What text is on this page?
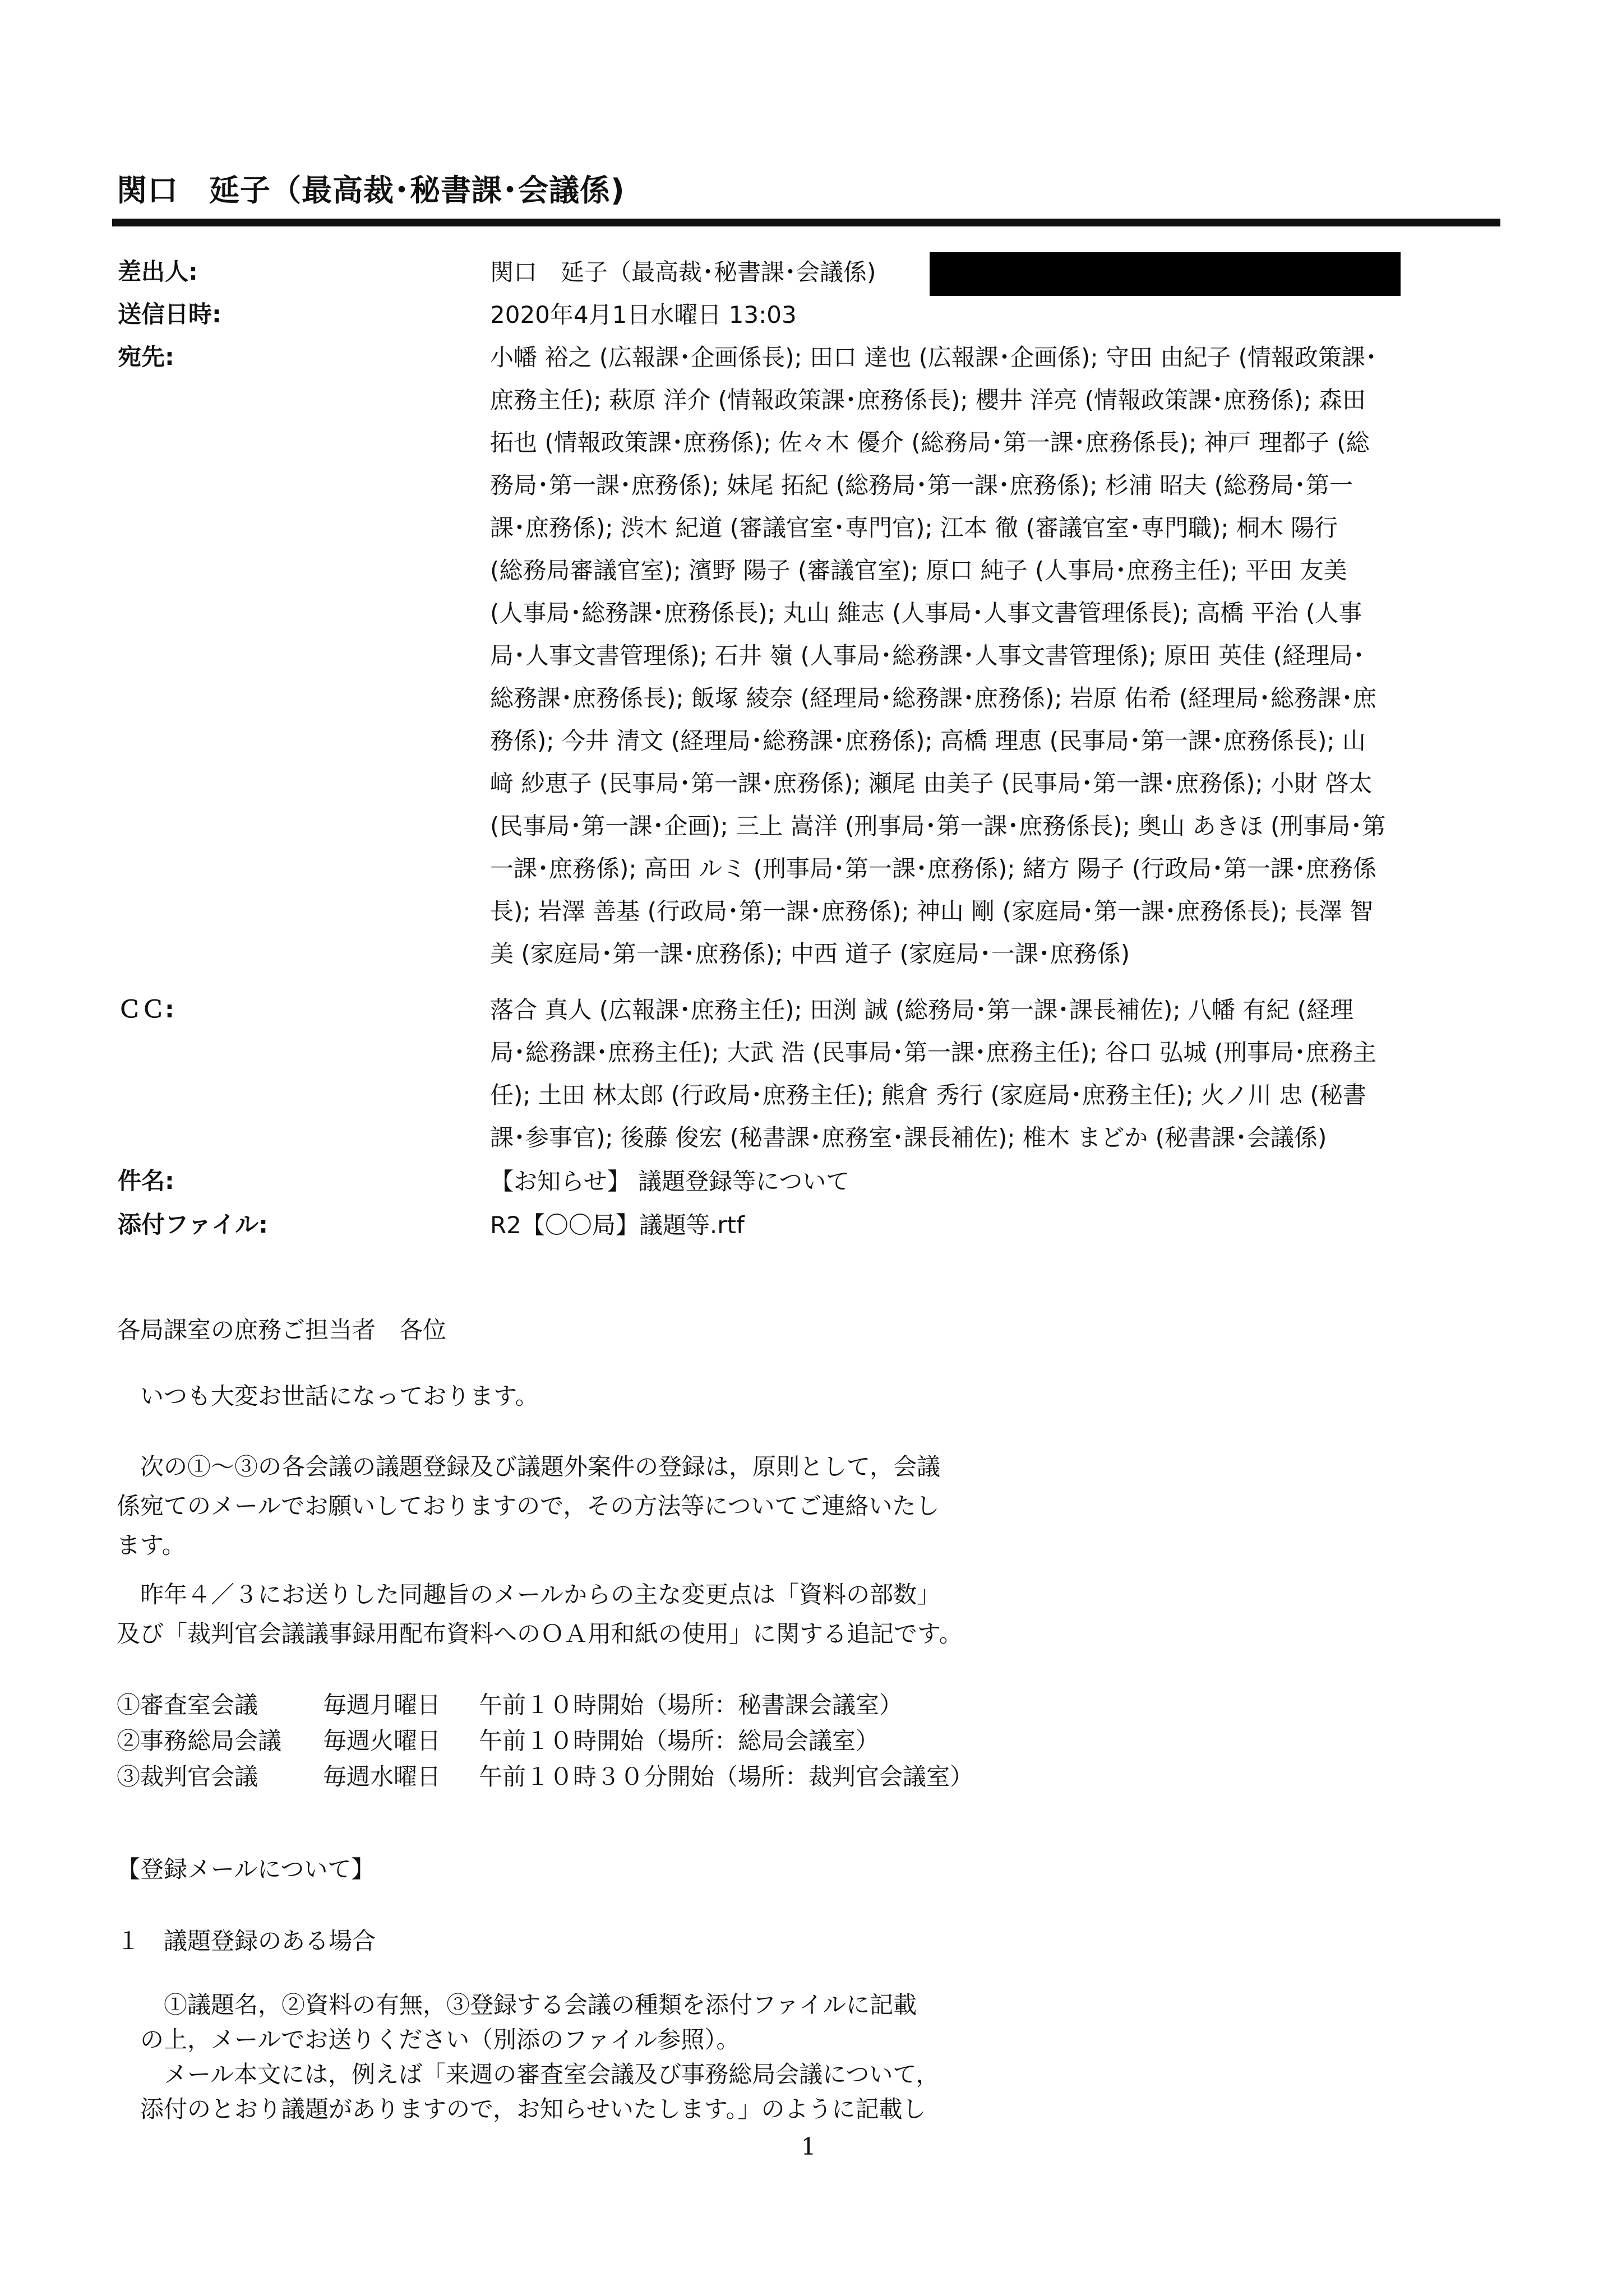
関口　延子（最高裁･秘書課･会議係)

差出人:	関口　延子（最高裁･秘書課･会議係)

送信日時:	2020年4月1日水曜日 13:03

宛先:	小幡 裕之 (広報課･企画係長); 田口 達也 (広報課･企画係); 守田 由紀子 (情報政策課･
庶務主任); 萩原 洋介 (情報政策課･庶務係長); 櫻井 洋亮 (情報政策課･庶務係); 森田
拓也 (情報政策課･庶務係); 佐々木 優介 (総務局･第一課･庶務係長); 神戸 理都子 (総
務局･第一課･庶務係); 妹尾 拓紀 (総務局･第一課･庶務係); 杉浦 昭夫 (総務局･第一
課･庶務係); 渋木 紀道 (審議官室･専門官); 江本 徹 (審議官室･専門職); 桐木 陽行
(総務局審議官室); 濱野 陽子 (審議官室); 原口 純子 (人事局･庶務主任); 平田 友美
(人事局･総務課･庶務係長); 丸山 維志 (人事局･人事文書管理係長); 高橋 平治 (人事
局･人事文書管理係); 石井 嶺 (人事局･総務課･人事文書管理係); 原田 英佳 (経理局･
総務課･庶務係長); 飯塚 綾奈 (経理局･総務課･庶務係); 岩原 佑希 (経理局･総務課･庶
務係); 今井 清文 (経理局･総務課･庶務係); 高橋 理恵 (民事局･第一課･庶務係長); 山
﨑 紗恵子 (民事局･第一課･庶務係); 瀬尾 由美子 (民事局･第一課･庶務係); 小財 啓太
(民事局･第一課･企画); 三上 嵩洋 (刑事局･第一課･庶務係長); 奥山 あきほ (刑事局･第
一課･庶務係); 高田 ルミ (刑事局･第一課･庶務係); 緒方 陽子 (行政局･第一課･庶務係
長); 岩澤 善基 (行政局･第一課･庶務係); 神山 剛 (家庭局･第一課･庶務係長); 長澤 智
美 (家庭局･第一課･庶務係); 中西 道子 (家庭局･一課･庶務係)

ＣＣ:	落合 真人 (広報課･庶務主任); 田渕 誠 (総務局･第一課･課長補佐); 八幡 有紀 (経理
局･総務課･庶務主任); 大武 浩 (民事局･第一課･庶務主任); 谷口 弘城 (刑事局･庶務主
任); 土田 林太郎 (行政局･庶務主任); 熊倉 秀行 (家庭局･庶務主任); 火ノ川 忠 (秘書
課･参事官); 後藤 俊宏 (秘書課･庶務室･課長補佐); 椎木 まどか (秘書課･会議係)

件名:	【お知らせ】 議題登録等について

添付ファイル:	R2【〇〇局】議題等.rtf

各局課室の庶務ご担当者　各位

　いつも大変お世話になっております。

　次の①～③の各会議の議題登録及び議題外案件の登録は，原則として，会議
係宛てのメールでお願いしておりますので，その方法等についてご連絡いたし
ます。
　昨年４／３にお送りした同趣旨のメールからの主な変更点は「資料の部数」
及び「裁判官会議議事録用配布資料へのＯＡ用和紙の使用」に関する追記です。
①審査室会議	毎週月曜日 午前１０時開始（場所：秘書課会議室）
②事務総局会議 毎週火曜日 午前１０時開始（場所：総局会議室）
③裁判官会議	毎週水曜日 午前１０時３０分開始（場所：裁判官会議室）

【登録メールについて】

１　議題登録のある場合

　　①議題名，②資料の有無，③登録する会議の種類を添付ファイルに記載
　の上，メールでお送りください（別添のファイル参照）。
　　メール本文には，例えば「来週の審査室会議及び事務総局会議について，
　添付のとおり議題がありますので，お知らせいたします。」のように記載し

1
